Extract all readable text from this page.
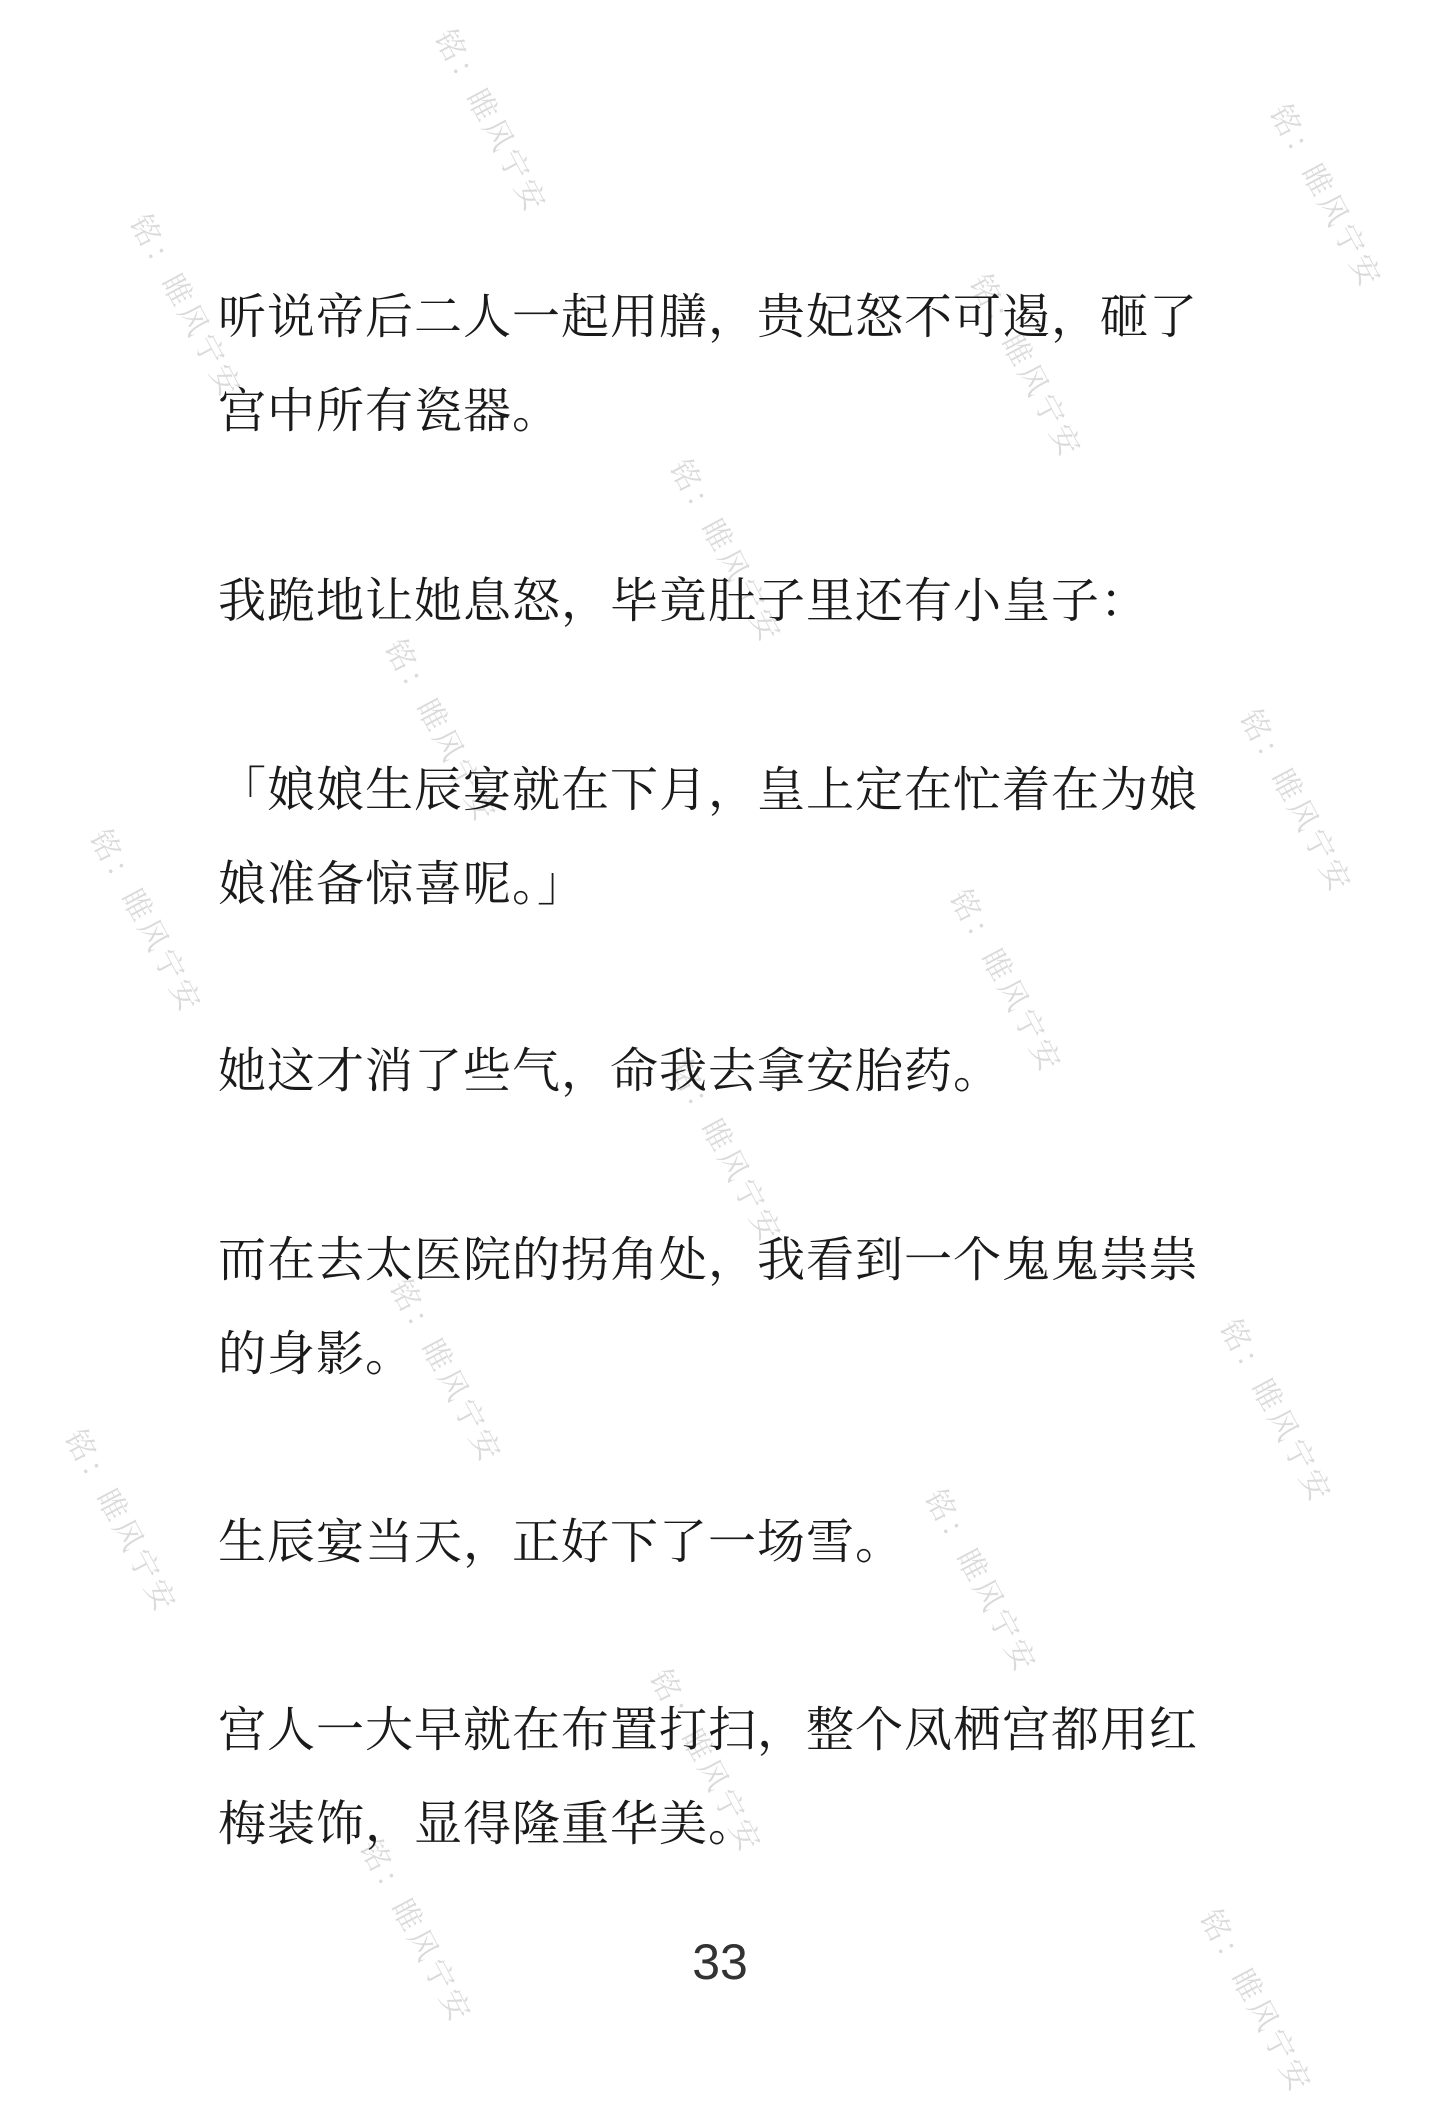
铭：睢风宁安	铭：睢风宁安
铭：睢风宁安	铭：睢风宁安
铭：睢风宁安
铭：睢风宁安	铭：睢风宁安
铭：睢风宁安	铭：睢风宁安
铭：睢风宁安
铭：睢风宁安	铭：睢风宁安
铭：睢风宁安	铭：睢风宁安
铭：睢风宁安
铭：睢风宁安	铭：睢风宁安

听说帝后二人一起用膳，贵妃怒不可遏，砸了宫中所有瓷器。

我跪地让她息怒，毕竟肚子里还有小皇子：

「娘娘生辰宴就在下月，皇上定在忙着在为娘娘准备惊喜呢。」

她这才消了些气，命我去拿安胎药。

而在去太医院的拐角处，我看到一个鬼鬼祟祟的身影。

生辰宴当天，正好下了一场雪。

宫人一大早就在布置打扫，整个凤栖宫都用红梅装饰，显得隆重华美。

33
